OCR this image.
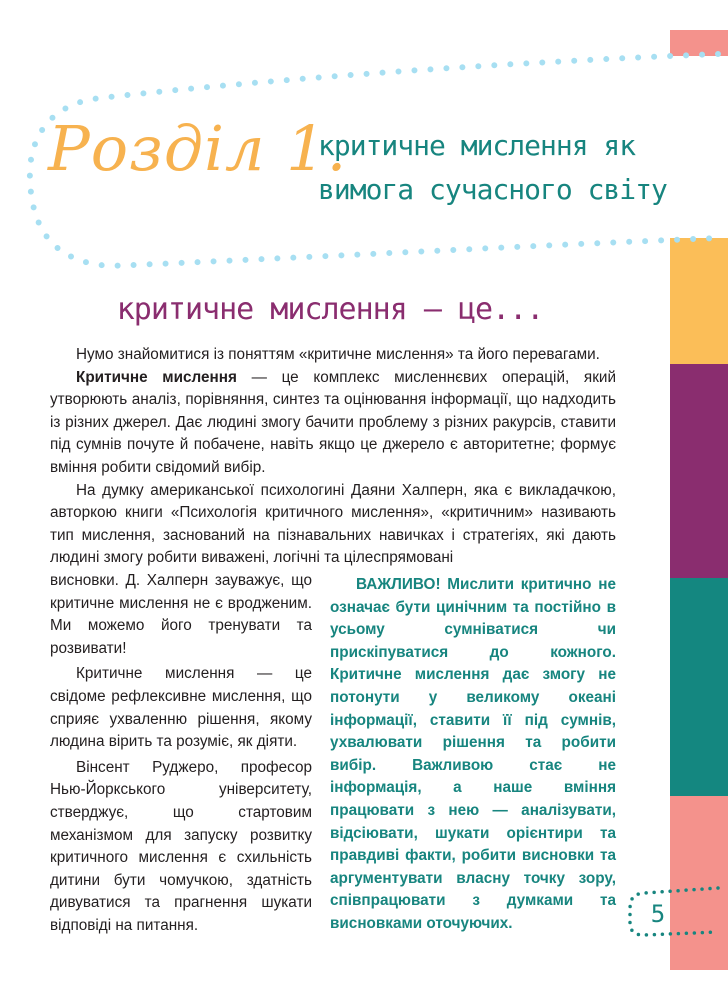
Розділ 1.
критичне мислення як
вимога сучасного світу
критичне мислення — це...

Нумо знайомитися із поняттям «критичне мислення» та його перевагами.

Критичне мислення — це комплекс мисленнєвих операцій, який утворюють аналіз, порівняння, синтез та оцінювання інформації, що надходить із різних джерел. Дає людині змогу бачити проблему з різних ракурсів, ставити під сумнів почуте й побачене, навіть якщо це джерело є авторитетне; формує вміння робити свідомий вибір.

На думку американської психологині Даяни Халперн, яка є викладачкою, авторкою книги «Психологія критичного мислення», «критичним» називають тип мислення, заснований на пізнавальних навичках і стратегіях, які дають людині змогу робити виважені, логічні та цілеспрямовані

висновки. Д. Халперн зауважує, що критичне мислення не є вродженим. Ми можемо його тренувати та розвивати!

Критичне мислення — це свідоме рефлексивне мислення, що сприяє ухваленню рішення, якому людина вірить та розуміє, як діяти.

Вінсент Руджеро, професор Нью-Йоркського університету, стверджує, що стартовим механізмом для запуску розвитку критичного мислення є схильність дитини бути чомучкою, здатність дивуватися та прагнення шукати відповіді на питання.

ВАЖЛИВО! Мислити критично не означає бути цинічним та постійно в усьому сумніватися чи прискіпуватися до кожного. Критичне мислення дає змогу не потонути у великому океані інформації, ставити її під сумнів, ухвалювати рішення та робити вибір. Важливою стає не інформація, а наше вміння працювати з нею — аналізувати, відсіювати, шукати орієнтири та правдиві факти, робити висновки та аргументувати власну точку зору, співпрацювати з думками та висновками оточуючих.	5
